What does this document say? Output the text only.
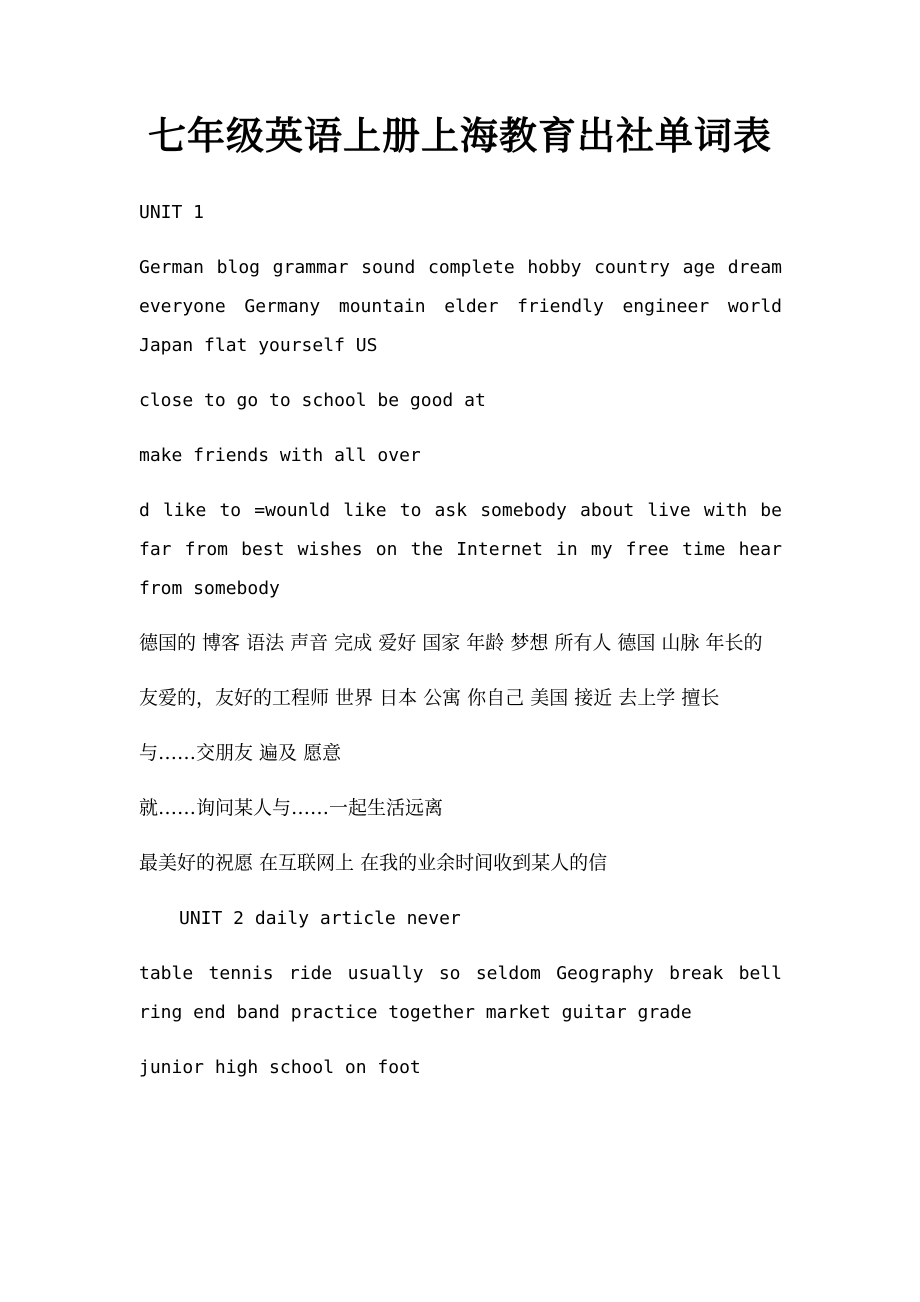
七年级英语上册上海教育出社单词表

UNIT 1

German blog grammar sound complete hobby country age dream everyone Germany mountain elder friendly engineer world Japan flat yourself US

close to go to school be good at

make friends with all over

d like to =wounld like to ask somebody about live with be far from best wishes on the Internet in my free time hear from somebody

德国的 博客 语法 声音 完成 爱好 国家 年龄 梦想 所有人 德国 山脉 年长的

友爱的，友好的工程师 世界 日本 公寓 你自己 美国 接近 去上学 擅长

与……交朋友 遍及 愿意

就……询问某人与……一起生活远离

最美好的祝愿 在互联网上 在我的业余时间收到某人的信

UNIT 2 daily article never

table tennis ride usually so seldom Geography break bell ring end band practice together market guitar grade

junior high school on foot
